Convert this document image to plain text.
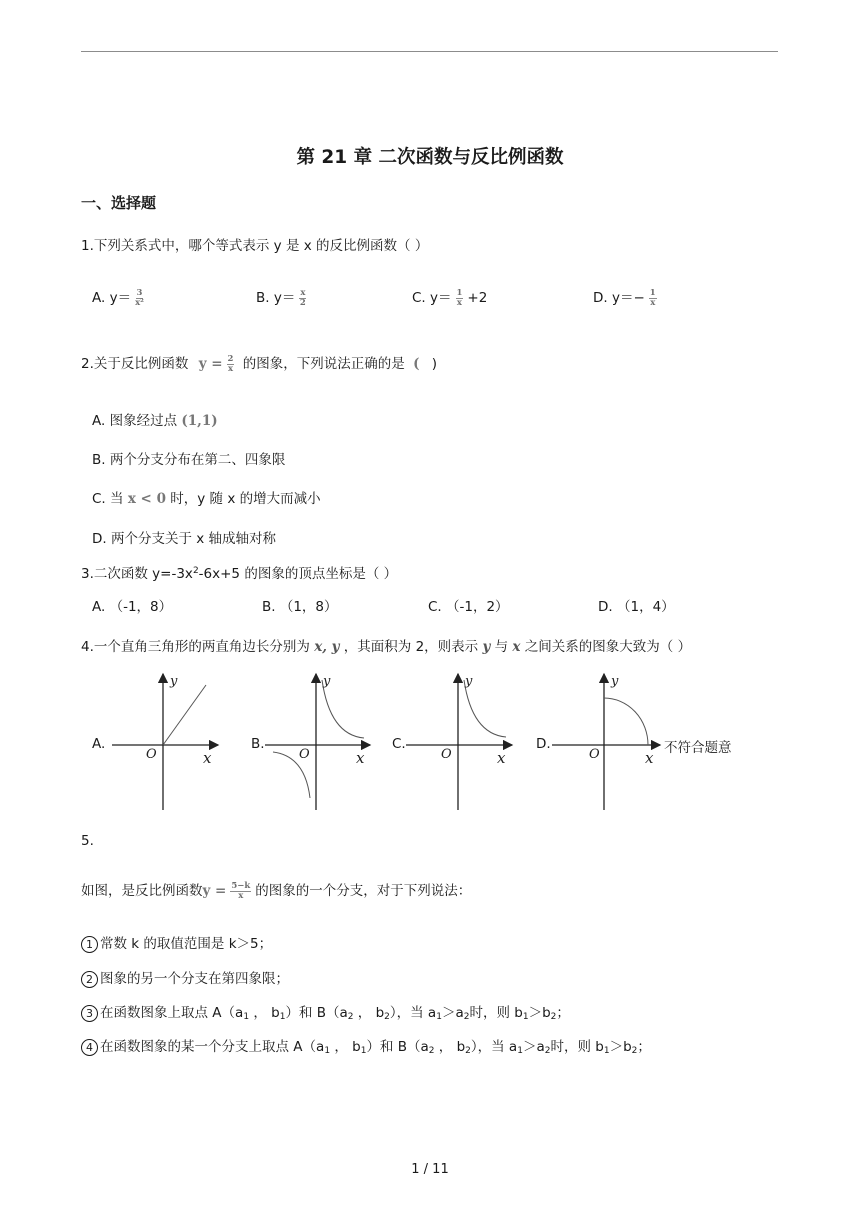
第 21 章 二次函数与反比例函数
一、选择题
1.下列关系式中，哪个等式表示 y 是 x 的反比例函数（ ）
A. $y= \frac{3}{\text{x²}}$	B. $y= \frac{x}{2}$	C. $y= \frac{1}{x} +2$	D. $y=- \frac{1}{x}$
2.关于反比例函数 $y = \frac{2}{x}$ 的图象，下列说法正确的是 ( )
A. 图象经过点 (1,1)
B. 两个分支分布在第二、四象限
C. 当 x < 0 时，y 随 x 的增大而减小
D. 两个分支关于 x 轴成轴对称
3.二次函数 $y=-3x^2-6x+5$ 的图象的顶点坐标是（ ）
A. （-1，8）	B. （1，8）	C. （-1，2）	D. （1，4）
4.一个直角三角形的两直角边长分别为 x, y ，其面积为 2，则表示 y 与 x 之间关系的图象大致为（ ）
A.	B.	C.	D.
y
x
O
y
x
O
y
x
O
y
x
O	不符合题意
5.
如图，是反比例函数$y = \frac{5-k}{x}$ 的图象的一个分支，对于下列说法：
1 常数 k 的取值范围是 k＞5；
2 图象的另一个分支在第四象限；
3 在函数图象上取点 $A(a_1$ ， $b_1$）和 $B(a_2$ ， $b_2$），当 $a_1>a_2$时，则 $b_1>b_2$；
4 在函数图象的某一个分支上取点 $A(a_1$ ， $b_1$）和 $B(a_2$ ， $b_2$），当 $a_1>a_2$时，则 $b_1>b_2$；
1 / 11
